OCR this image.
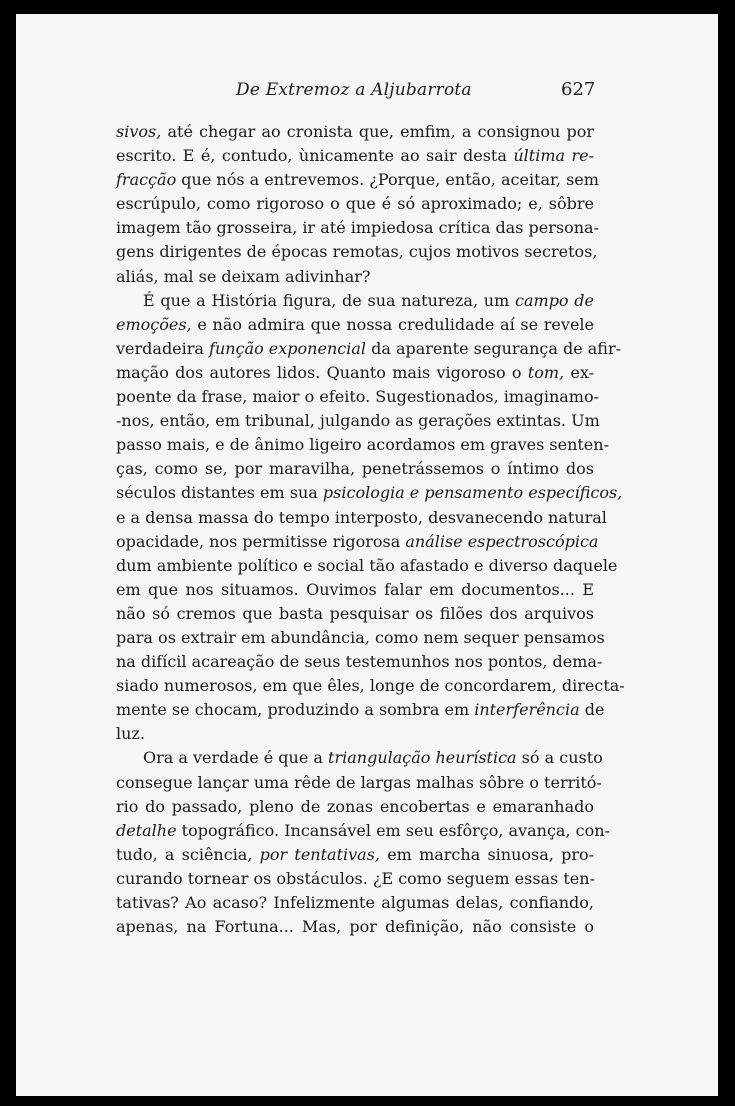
De Extremoz a Aljubarrota	627
sivos, até chegar ao cronista que, emfim, a consignou por
escrito. E é, contudo, ùnicamente ao sair desta última re-
fracção que nós a entrevemos. ¿Porque, então, aceitar, sem
escrúpulo, como rigoroso o que é só aproximado; e, sôbre
imagem tão grosseira, ir até impiedosa crítica das persona-
gens dirigentes de épocas remotas, cujos motivos secretos,
aliás, mal se deixam adivinhar?
É que a História figura, de sua natureza, um campo de
emoções, e não admira que nossa credulidade aí se revele
verdadeira função exponencial da aparente segurança de afir-
mação dos autores lidos. Quanto mais vigoroso o tom, ex-
poente da frase, maior o efeito. Sugestionados, imaginamo-
-nos, então, em tribunal, julgando as gerações extintas. Um
passo mais, e de ânimo ligeiro acordamos em graves senten-
ças, como se, por maravilha, penetrássemos o íntimo dos
séculos distantes em sua psicologia e pensamento específicos,
e a densa massa do tempo interposto, desvanecendo natural
opacidade, nos permitisse rigorosa análise espectroscópica
dum ambiente político e social tão afastado e diverso daquele
em que nos situamos. Ouvimos falar em documentos... E
não só cremos que basta pesquisar os filões dos arquivos
para os extrair em abundância, como nem sequer pensamos
na difícil acareação de seus testemunhos nos pontos, dema-
siado numerosos, em que êles, longe de concordarem, directa-
mente se chocam, produzindo a sombra em interferência de
luz.
Ora a verdade é que a triangulação heurística só a custo
consegue lançar uma rêde de largas malhas sôbre o territó-
rio do passado, pleno de zonas encobertas e emaranhado
detalhe topográfico. Incansável em seu esfôrço, avança, con-
tudo, a sciência, por tentativas, em marcha sinuosa, pro-
curando tornear os obstáculos. ¿E como seguem essas ten-
tativas? Ao acaso? Infelizmente algumas delas, confiando,
apenas, na Fortuna... Mas, por definição, não consiste o
